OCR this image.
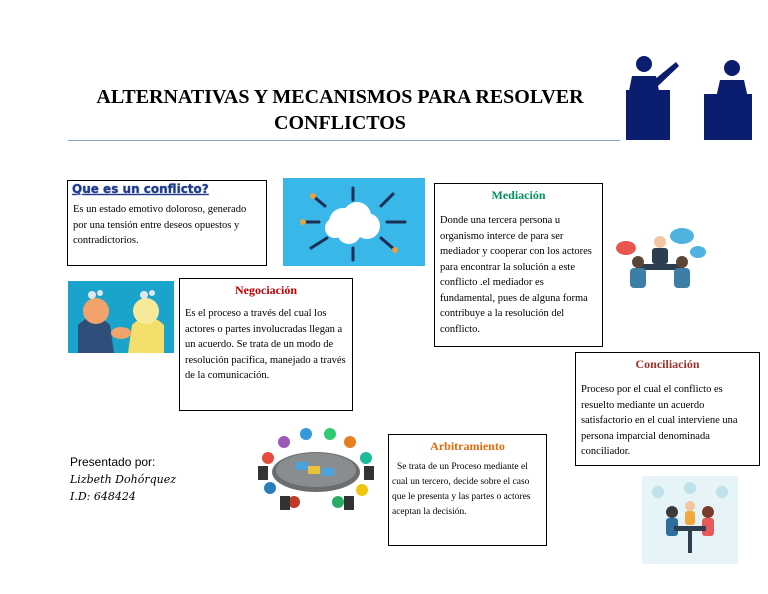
ALTERNATIVAS Y MECANISMOS PARA RESOLVER CONFLICTOS
Que es un conflicto?
Es un estado emotivo doloroso, generado por una tensión entre deseos opuestos y contradictorios.
Mediación
Donde una tercera persona u organismo interce de para ser mediador y cooperar con los actores para encontrar la solución a este conflicto .el mediador es fundamental, pues de alguna forma contribuye a la resolución del conflicto.
Negociación
Es el proceso a través del cual los actores o partes involucradas llegan a un acuerdo. Se trata de un modo de resolución pacífica, manejado a través de la comunicación.
Conciliación
Proceso por el cual el conflicto es resuelto mediante un acuerdo satisfactorio en el cual interviene una persona imparcial denominada conciliador.
Arbitramiento
Se trata de un Proceso mediante el cual un tercero, decide sobre el caso que le presenta y las partes o actores aceptan la decisión.
Presentado por:
Lizbeth Dohórquez
I.D: 648424
